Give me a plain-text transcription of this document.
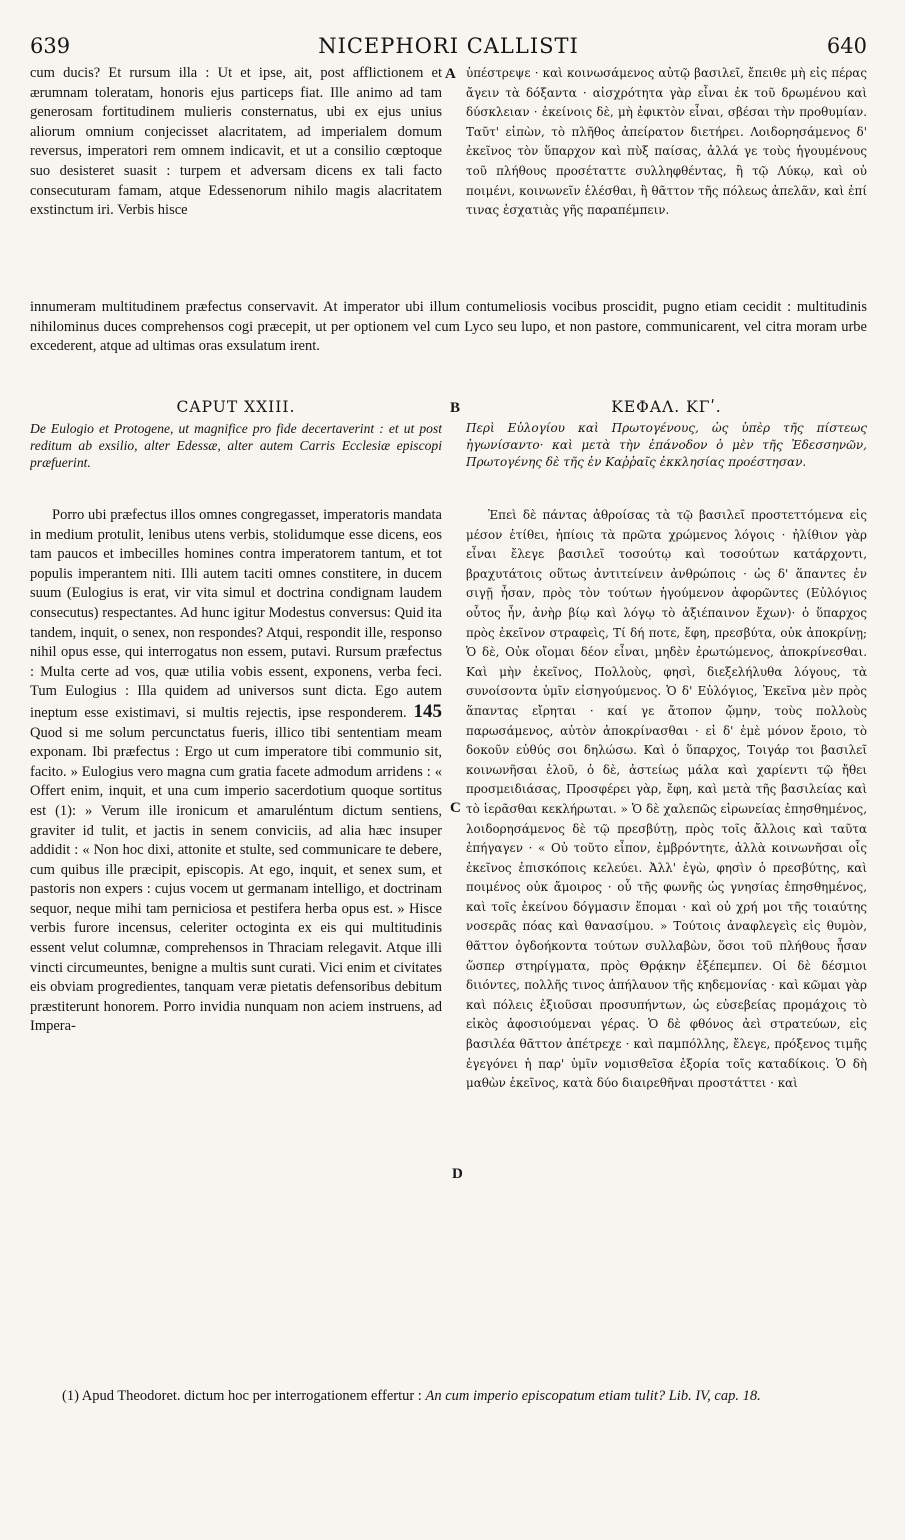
639	NICEPHORI CALLISTI	640

cum ducis? Et rursum illa : Ut et ipse, ait, post afflictionem et ærumnam toleratam, honoris ejus particeps fiat. Ille animo ad tam generosam fortitudinem mulieris consternatus, ubi ex ejus unius aliorum omnium conjecisset alacritatem, ad imperialem domum reversus, imperatori rem omnem indicavit, et ut a consilio cœptoque suo desisteret suasit : turpem et adversam dicens ex tali facto consecuturam famam, atque Edessenorum nihilo magis alacritatem exstinctum iri. Verbis hisce

A ὑπέστρεψε · καὶ κοινωσάμενος αὐτῷ βασιλεῖ, ἔπειθε μὴ εἰς πέρας ἄγειν τὰ δόξαντα · αἰσχρότητα γὰρ εἶναι ἐκ τοῦ δρωμένου καὶ δύσκλειαν · ἐκείνοις δὲ, μὴ ἐφικτὸν εἶναι, σβέσαι τὴν προθυμίαν. Ταῦτ' εἰπὼν, τὸ πλῆθος ἀπείρατον διετήρει. Λοιδορησάμενος δ' ἐκεῖνος τὸν ὕπαρχον καὶ πὺξ παίσας, ἀλλά γε τοὺς ἡγουμένους τοῦ πλήθους προσέταττε συλληφθέντας, ἢ τῷ Λύκῳ, καὶ οὐ ποιμένι, κοινωνεῖν ἑλέσθαι, ἢ θᾶττον τῆς πόλεως ἀπελᾶν, καὶ ἐπί τινας ἐσχατιὰς γῆς παραπέμπειν.

innumeram multitudinem præfectus conservavit. At imperator ubi illum contumeliosis vocibus proscidit, pugno etiam cecidit : multitudinis nihilominus duces comprehensos cogi præcepit, ut per optionem vel cum Lyco seu lupo, et non pastore, communicarent, vel citra moram urbe excederent, atque ad ultimas oras exsulatum irent.

CAPUT XXIII.	B	ΚΕΦΑΛ. ΚΓʹ.

De Eulogio et Protogene, ut magnifice pro fide decertaverint : et ut post reditum ab exsilio, alter Edessæ, alter autem Carris Ecclesiæ episcopi præfuerint.

Περὶ Εὐλογίου καὶ Πρωτογένους, ὡς ὑπὲρ τῆς πίστεως ἠγωνίσαντο· καὶ μετὰ τὴν ἐπάνοδον ὁ μὲν τῆς Ἐδεσσηνῶν, Πρωτογένης δὲ τῆς ἐν Καῤῥαῖς ἐκκλησίας προέστησαν.

Porro ubi præfectus illos omnes congregasset, imperatoris mandata in medium protulit, lenibus utens verbis, stolidumque esse dicens, eos tam paucos et imbecilles homines contra imperatorem tantum, et tot populis imperantem niti. Illi autem taciti omnes constitere, in ducem suum (Eulogius is erat, vir vita simul et doctrina condignam laudem consecutus) respectantes. Ad hunc igitur Modestus conversus: Quid ita tandem, inquit, o senex, non respondes? Atqui, respondit ille, responso nihil opus esse, qui interrogatus non essem, putavi. Rursum præfectus : Multa certe ad vos, quæ utilia vobis essent, exponens, verba feci. Tum Eulogius : Illa quidem ad universos sunt dicta. Ego autem ineptum esse existimavi, si multis rejectis, ipse responderem. 145 Quod si me solum percunctatus fueris, illico tibi sententiam meam exponam. Ibi præfectus : Ergo ut cum imperatore tibi communio sit, facito. » Eulogius vero magna cum gratia facete admodum arridens : « Offert enim, inquit, et una cum imperio sacerdotium quoque sortitus est (1): » Verum ille ironicum et amaruléntum dictum sentiens, graviter id tulit, et jactis in senem conviciis, ad alia hæc insuper addidit : « Non hoc dixi, attonite et stulte, sed communicare te debere, cum quibus ille præcipit, episcopis. At ego, inquit, et senex sum, et pastoris non expers : cujus vocem ut germanam intelligo, et doctrinam sequor, neque mihi tam perniciosa et pestifera herba opus est. » Hisce verbis furore incensus, celeriter octoginta ex eis qui multitudinis essent velut columnæ, comprehensos in Thraciam relegavit. Atque illi vincti circumeuntes, benigne a multis sunt curati. Vici enim et civitates eis obviam progredientes, tanquam veræ pietatis defensoribus debitum præstiterunt honorem. Porro invidia nunquam non aciem instruens, ad Impera-

C
D

Ἐπεὶ δὲ πάντας ἀθροίσας τὰ τῷ βασιλεῖ προστεττόμενα εἰς μέσον ἐτίθει, ἠπίοις τὰ πρῶτα χρώμενος λόγοις · ἠλίθιον γὰρ εἶναι ἔλεγε βασιλεῖ τοσούτῳ καὶ τοσούτων κατάρχοντι, βραχυτάτοις οὕτως ἀντιτείνειν ἀνθρώποις · ὡς δ' ἅπαντες ἐν σιγῇ ἦσαν, πρὸς τὸν τούτων ἡγούμενον ἀφορῶντες (Εὐλόγιος οὗτος ἦν, ἀνὴρ βίῳ καὶ λόγῳ τὸ ἀξιέπαινον ἔχων)· ὁ ὕπαρχος πρὸς ἐκεῖνον στραφεὶς, Τί δή ποτε, ἔφη, πρεσβύτα, οὐκ ἀποκρίνῃ; Ὁ δὲ, Οὐκ οἴομαι δέον εἶναι, μηδὲν ἐρωτώμενος, ἀποκρίνεσθαι. Καὶ μὴν ἐκεῖνος, Πολλοὺς, φησὶ, διεξελήλυθα λόγους, τὰ συνοίσοντα ὑμῖν εἰσηγούμενος. Ὁ δ' Εὐλόγιος, Ἐκεῖνα μὲν πρὸς ἅπαντας εἴρηται · καί γε ἄτοπον ᾤμην, τοὺς πολλοὺς παρωσάμενος, αὐτὸν ἀποκρίνασθαι · εἰ δ' ἐμὲ μόνον ἔροιο, τὸ δοκοῦν εὐθύς σοι δηλώσω. Καὶ ὁ ὕπαρχος, Τοιγάρ τοι βασιλεῖ κοινωνῆσαι ἑλοῦ, ὁ δὲ, ἀστείως μάλα καὶ χαρίεντι τῷ ἤθει προσμειδιάσας, Προσφέρει γὰρ, ἔφη, καὶ μετὰ τῆς βασιλείας καὶ τὸ ἱερᾶσθαι κεκλήρωται. » Ὁ δὲ χαλεπῶς εἰρωνείας ἐπησθημένος, λοιδορησάμενος δὲ τῷ πρεσβύτῃ, πρὸς τοῖς ἄλλοις καὶ ταῦτα ἐπήγαγεν · « Οὐ τοῦτο εἶπον, ἐμβρόντητε, ἀλλὰ κοινωνῆσαι οἷς ἐκεῖνος ἐπισκόποις κελεύει. Ἀλλ' ἐγὼ, φησὶν ὁ πρεσβύτης, καὶ ποιμένος οὐκ ἄμοιρος · οὗ τῆς φωνῆς ὡς γνησίας ἐπησθημένος, καὶ τοῖς ἐκείνου δόγμασιν ἕπομαι · καὶ οὐ χρή μοι τῆς τοιαύτης νοσερᾶς πόας καὶ θανασίμου. » Τούτοις ἀναφλεγεὶς εἰς θυμὸν, θᾶττον ὀγδοήκοντα τούτων συλλαβὼν, ὅσοι τοῦ πλήθους ἦσαν ὥσπερ στηρίγματα, πρὸς Θρᾴκην ἐξέπεμπεν. Οἱ δὲ δέσμιοι διιόντες, πολλῆς τινος ἀπήλαυον τῆς κηδεμονίας · καὶ κῶμαι γὰρ καὶ πόλεις ἐξιοῦσαι προσυπήντων, ὡς εὐσεβείας προμάχοις τὸ εἰκὸς ἀφοσιούμεναι γέρας. Ὁ δὲ φθόνος ἀεὶ στρατεύων, εἰς βασιλέα θᾶττον ἀπέτρεχε · καὶ παμπόλλης, ἔλεγε, πρόξενος τιμῆς ἐγεγόνει ἡ παρ' ὑμῖν νομισθεῖσα ἐξορία τοῖς καταδίκοις. Ὁ δὴ μαθὼν ἐκεῖνος, κατὰ δύο διαιρεθῆναι προστάττει · καὶ

(1) Apud Theodoret. dictum hoc per interrogationem effertur : An cum imperio episcopatum etiam tulit? Lib. IV, cap. 18.
